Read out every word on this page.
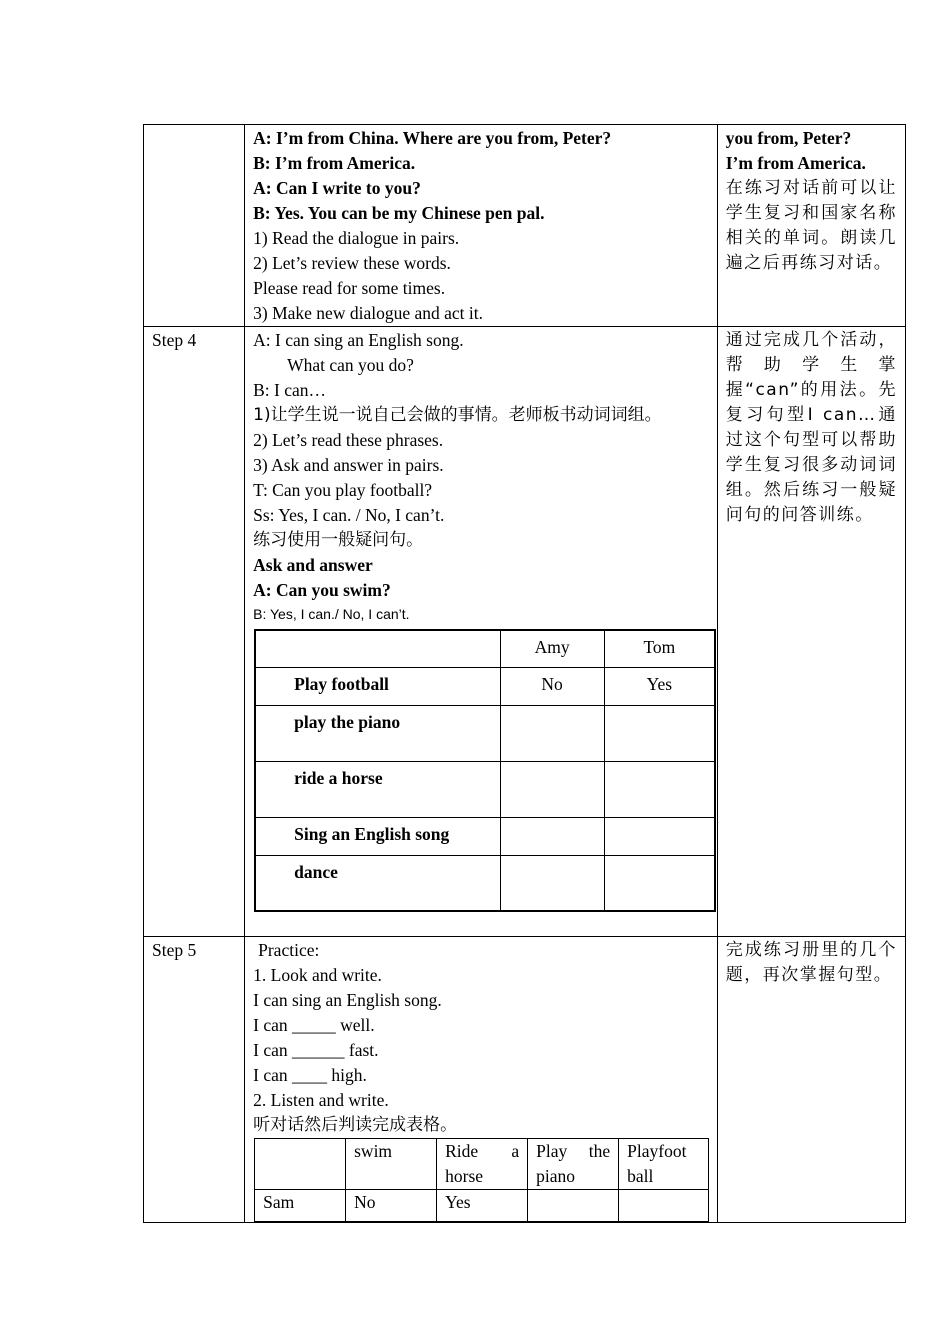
A: I’m from China. Where are you from, Peter?
B: I’m from America.
A: Can I write to you?
B: Yes. You can be my Chinese pen pal.
1) Read the dialogue in pairs.
2) Let’s review these words.
Please read for some times.
3) Make new dialogue and act it.

you from, Peter?
I’m from America.
在练习对话前可以让学生复习和国家名称相关的单词。朗读几遍之后再练习对话。

Step 4	A: I can sing an English song.
What can you do?
B: I can…
1)让学生说一说自己会做的事情。老师板书动词词组。
2) Let’s read these phrases.
3) Ask and answer in pairs.
T: Can you play football?
Ss: Yes, I can. / No, I can’t.
练习使用一般疑问句。
Ask and answer
A: Can you swim?
B: Yes, I can./ No, I can’t.
	Amy	Tom
Play football	No	Yes
play the piano		
ride a horse		
Sing an English song		
dance		

通过完成几个活动，帮助学生掌握“can”的用法。先复习句型I can…通过这个句型可以帮助学生复习很多动词词组。然后练习一般疑问句的问答训练。

Step 5	Practice:
1. Look and write.
I can sing an English song.
I can _____ well.
I can ______ fast.
I can ____ high.
2. Listen and write.
听对话然后判读完成表格。
	swim	Ride a horse	Play the piano	Playfoot ball
Sam	No	Yes		

完成练习册里的几个题，再次掌握句型。
